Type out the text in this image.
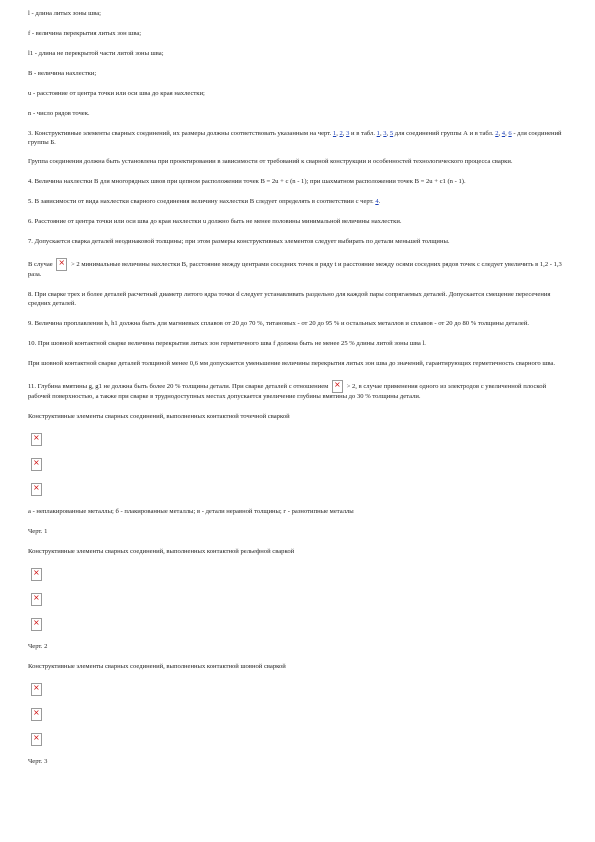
l - длина литых зоны шва;

f - величина перекрытия литых зон шва;

l1 - длина не перекрытой части литой зоны шва;

В - величина нахлестки;

u - расстояние от центра точки или оси шва до края нахлестки;

n - число рядов точек.

3. Конструктивные элементы сварных соединений, их размеры должны соответствовать указанным на черт. 1, 2, 3 и в табл. 1, 3, 5 для соединений группы А и в табл. 2, 4, 6 - для соединений группы Б.

Группа соединения должна быть установлена при проектировании в зависимости от требований к сварной конструкции и особенностей технологического процесса сварки.

4. Величина нахлестки В для многорядных швов при цепном расположении точек В = 2u + с (n - 1); при шахматном расположении точек В = 2u + с1 (n - 1).

5. В зависимости от вида нахлестки сварного соединения величину нахлестки В следует определять в соответствии с черт. 4.

6. Расстояние от центра точки или оси шва до края нахлестки u должно быть не менее половины минимальной величины нахлестки.

7. Допускается сварка деталей неодинаковой толщины; при этом размеры конструктивных элементов следует выбирать по детали меньшей толщины.

В случае × > 2 минимальные величины нахлестки В, расстояние между центрами соседних точек в ряду t и расстояние между осями соседних рядов точек с следует увеличить в 1,2 - 1,3 раза.

8. При сварке трех и более деталей расчетный диаметр литого ядра точки d следует устанавливать раздельно для каждой пары сопрягаемых деталей. Допускается смещение пересечения средних деталей.

9. Величина проплавления h, h1 должна быть для магниевых сплавов от 20 до 70 %, титановых - от 20 до 95 % и остальных металлов и сплавов - от 20 до 80 % толщины деталей.

10. При шовной контактной сварке величина перекрытия литых зон герметичного шва f должна быть не менее 25 % длины литой зоны шва l.

При шовной контактной сварке деталей толщиной менее 0,6 мм допускается уменьшение величины перекрытия литых зон шва до значений, гарантирующих герметичность сварного шва.

11. Глубина вмятины g, g1 не должна быть более 20 % толщины детали. При сварке деталей с отношением × > 2, в случае применения одного из электродов с увеличенной плоской рабочей поверхностью, а также при сварке в труднодоступных местах допускается увеличение глубины вмятины до 30 % толщины детали.

Конструктивные элементы сварных соединений, выполненных контактной точечной сваркой

×
×
×

а - неплакированные металлы; б - плакированные металлы; в - детали неравной толщины; г - разнотипные металлы

Черт. 1

Конструктивные элементы сварных соединений, выполненных контактной рельефной сваркой

×
×
×

Черт. 2

Конструктивные элементы сварных соединений, выполненных контактной шовной сваркой

×
×
×

Черт. 3
